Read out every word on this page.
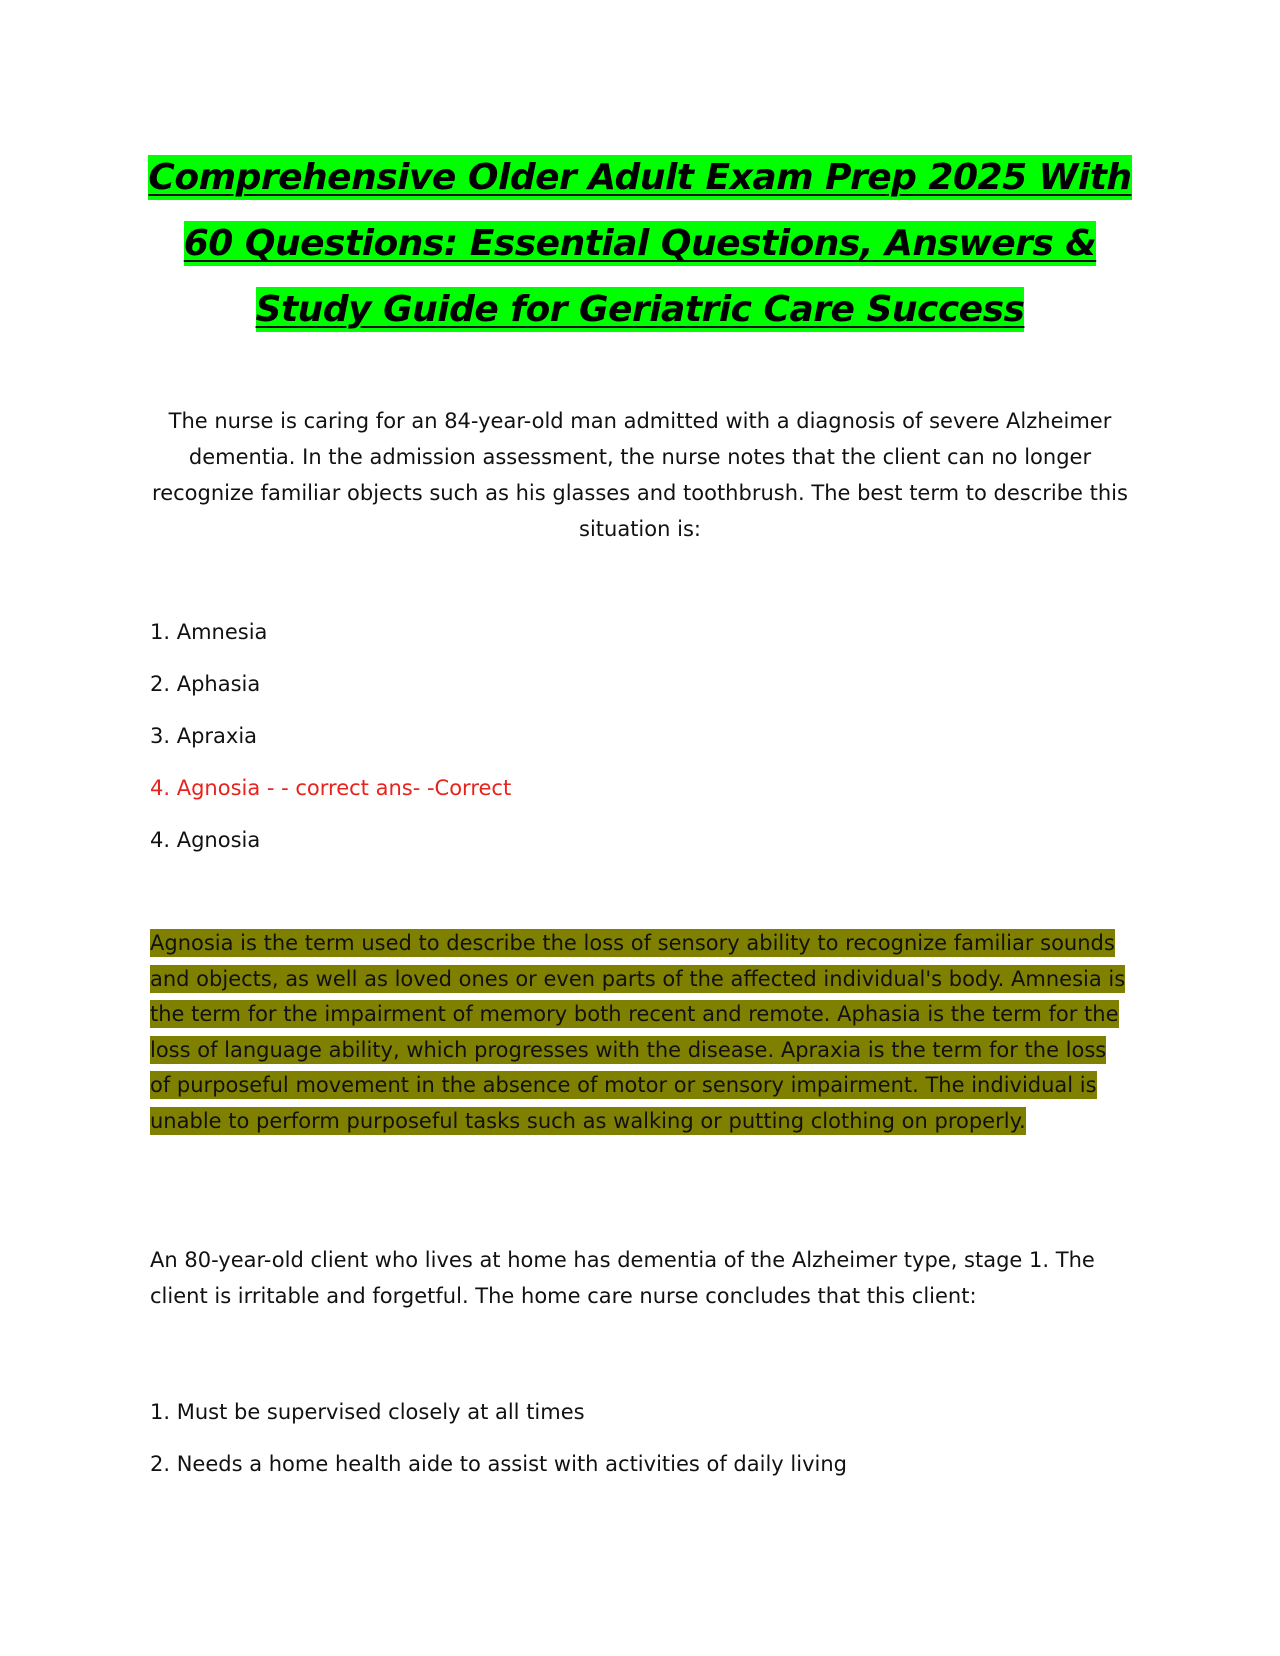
Comprehensive Older Adult Exam Prep 2025 With
60 Questions: Essential Questions, Answers &
Study Guide for Geriatric Care Success
The nurse is caring for an 84-year-old man admitted with a diagnosis of severe Alzheimer dementia. In the admission assessment, the nurse notes that the client can no longer recognize familiar objects such as his glasses and toothbrush. The best term to describe this situation is:
1. Amnesia
2. Aphasia
3. Apraxia
4. Agnosia - - correct ans- -Correct
4. Agnosia
Agnosia is the term used to describe the loss of sensory ability to recognize familiar sounds and objects, as well as loved ones or even parts of the affected individual's body. Amnesia is the term for the impairment of memory both recent and remote. Aphasia is the term for the loss of language ability, which progresses with the disease. Apraxia is the term for the loss of purposeful movement in the absence of motor or sensory impairment. The individual is unable to perform purposeful tasks such as walking or putting clothing on properly.
An 80-year-old client who lives at home has dementia of the Alzheimer type, stage 1. The client is irritable and forgetful. The home care nurse concludes that this client:
1. Must be supervised closely at all times
2. Needs a home health aide to assist with activities of daily living
